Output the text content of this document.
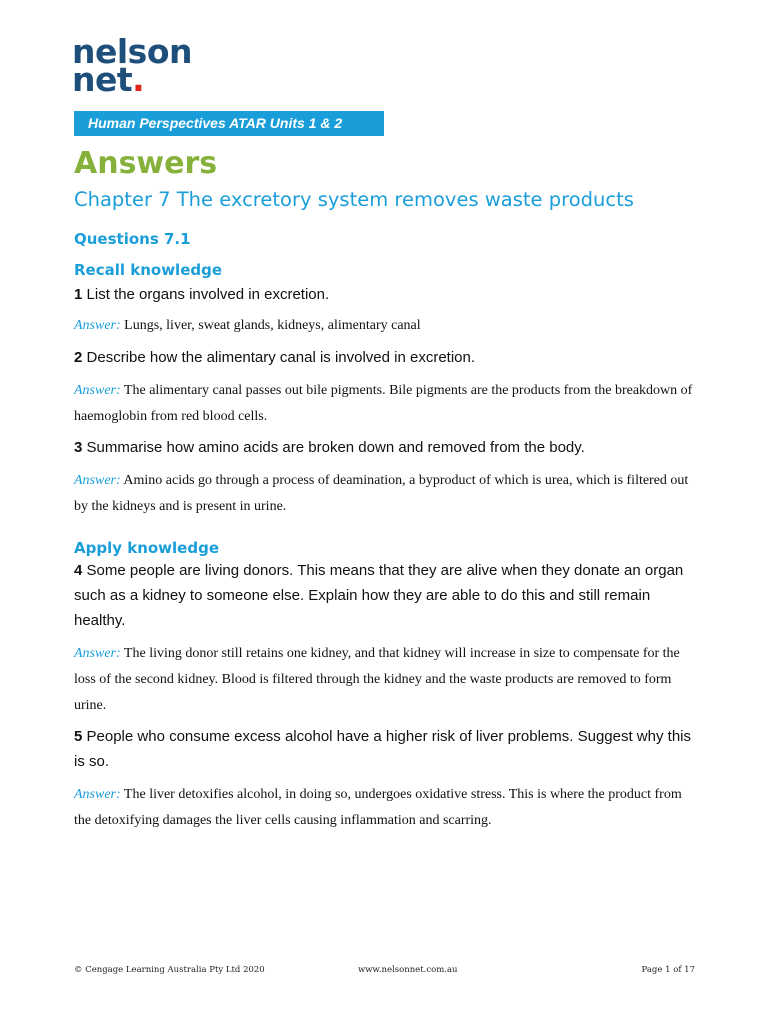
nelson
net.
Human Perspectives ATAR Units 1 & 2
Answers
Chapter 7 The excretory system removes waste products
Questions 7.1
Recall knowledge
1 List the organs involved in excretion.
Answer: Lungs, liver, sweat glands, kidneys, alimentary canal
2 Describe how the alimentary canal is involved in excretion.
Answer: The alimentary canal passes out bile pigments. Bile pigments are the products from the breakdown of haemoglobin from red blood cells.
3 Summarise how amino acids are broken down and removed from the body.
Answer: Amino acids go through a process of deamination, a byproduct of which is urea, which is filtered out by the kidneys and is present in urine.
Apply knowledge
4 Some people are living donors. This means that they are alive when they donate an organ such as a kidney to someone else. Explain how they are able to do this and still remain healthy.
Answer: The living donor still retains one kidney, and that kidney will increase in size to compensate for the loss of the second kidney. Blood is filtered through the kidney and the waste products are removed to form urine.
5 People who consume excess alcohol have a higher risk of liver problems. Suggest why this is so.
Answer: The liver detoxifies alcohol, in doing so, undergoes oxidative stress. This is where the product from the detoxifying damages the liver cells causing inflammation and scarring.
© Cengage Learning Australia Pty Ltd 2020	www.nelsonnet.com.au	Page 1 of 17
